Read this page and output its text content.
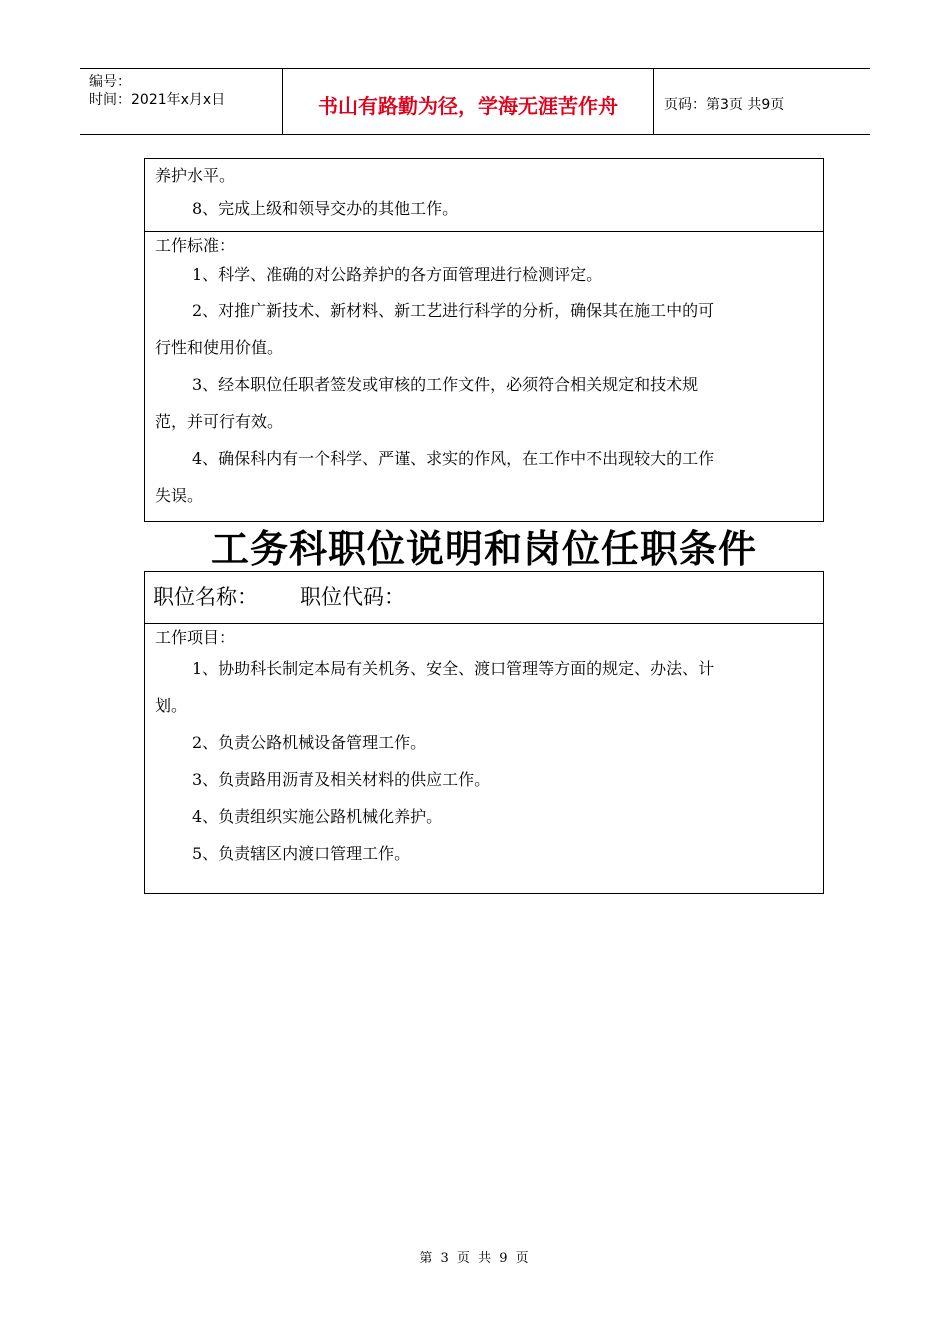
编号：
时间：2021年x月x日	书山有路勤为径，学海无涯苦作舟	页码：第3页 共9页
养护水平。
8、完成上级和领导交办的其他工作。
工作标准：
1、科学、准确的对公路养护的各方面管理进行检测评定。
2、对推广新技术、新材料、新工艺进行科学的分析，确保其在施工中的可
行性和使用价值。
3、经本职位任职者签发或审核的工作文件，必须符合相关规定和技术规
范，并可行有效。
4、确保科内有一个科学、严谨、求实的作风，在工作中不出现较大的工作
失误。
工务科职位说明和岗位任职条件
职位名称： 职位代码：
工作项目：
1、协助科长制定本局有关机务、安全、渡口管理等方面的规定、办法、计
划。
2、负责公路机械设备管理工作。
3、负责路用沥青及相关材料的供应工作。
4、负责组织实施公路机械化养护。
5、负责辖区内渡口管理工作。
第 3 页 共 9 页
